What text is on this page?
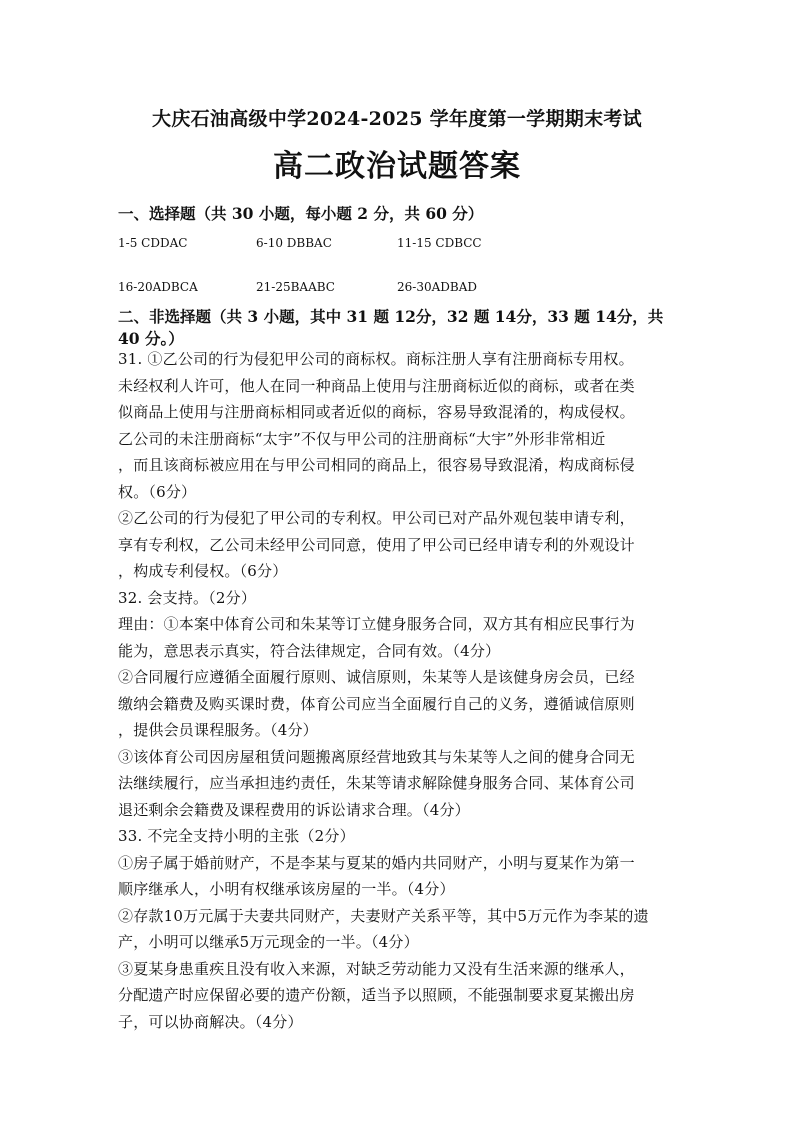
大庆石油高级中学2024-2025 学年度第一学期期末考试
高二政治试题答案
一、选择题（共 30 小题，每小题 2 分，共 60 分）
1-5 CDDAC	6-10 DBBAC	11-15 CDBCC
16-20ADBCA	21-25BAABC	26-30ADBAD
二、非选择题（共 3 小题，其中 31 题 12分，32 题 14分，33 题 14分，共 40 分。）

31. ①乙公司的行为侵犯甲公司的商标权。商标注册人享有注册商标专用权。

未经权利人许可，他人在同一种商品上使用与注册商标近似的商标，或者在类

似商品上使用与注册商标相同或者近似的商标，容易导致混淆的，构成侵权。

乙公司的未注册商标“太宇”不仅与甲公司的注册商标“大宇”外形非常相近

，而且该商标被应用在与甲公司相同的商品上，很容易导致混淆，构成商标侵

权。（6分）

②乙公司的行为侵犯了甲公司的专利权。甲公司已对产品外观包装申请专利，

享有专利权，乙公司未经甲公司同意，使用了甲公司已经申请专利的外观设计

，构成专利侵权。（6分）

32. 会支持。（2分）

理由：①本案中体育公司和朱某等订立健身服务合同，双方其有相应民事行为

能为，意思表示真实，符合法律规定，合同有效。（4分）

②合同履行应遵循全面履行原则、诚信原则，朱某等人是该健身房会员，已经

缴纳会籍费及购买课时费，体育公司应当全面履行自己的义务，遵循诚信原则

，提供会员课程服务。（4分）

③该体育公司因房屋租赁问题搬离原经营地致其与朱某等人之间的健身合同无

法继续履行，应当承担违约责任，朱某等请求解除健身服务合同、某体育公司

退还剩余会籍费及课程费用的诉讼请求合理。（4分）

33. 不完全支持小明的主张（2分）

①房子属于婚前财产，不是李某与夏某的婚内共同财产，小明与夏某作为第一

顺序继承人，小明有权继承该房屋的一半。（4分）

②存款10万元属于夫妻共同财产，夫妻财产关系平等，其中5万元作为李某的遗

产，小明可以继承5万元现金的一半。（4分）

③夏某身患重疾且没有收入来源，对缺乏劳动能力又没有生活来源的继承人，

分配遗产时应保留必要的遗产份额，适当予以照顾，不能强制要求夏某搬出房

子，可以协商解决。（4分）
